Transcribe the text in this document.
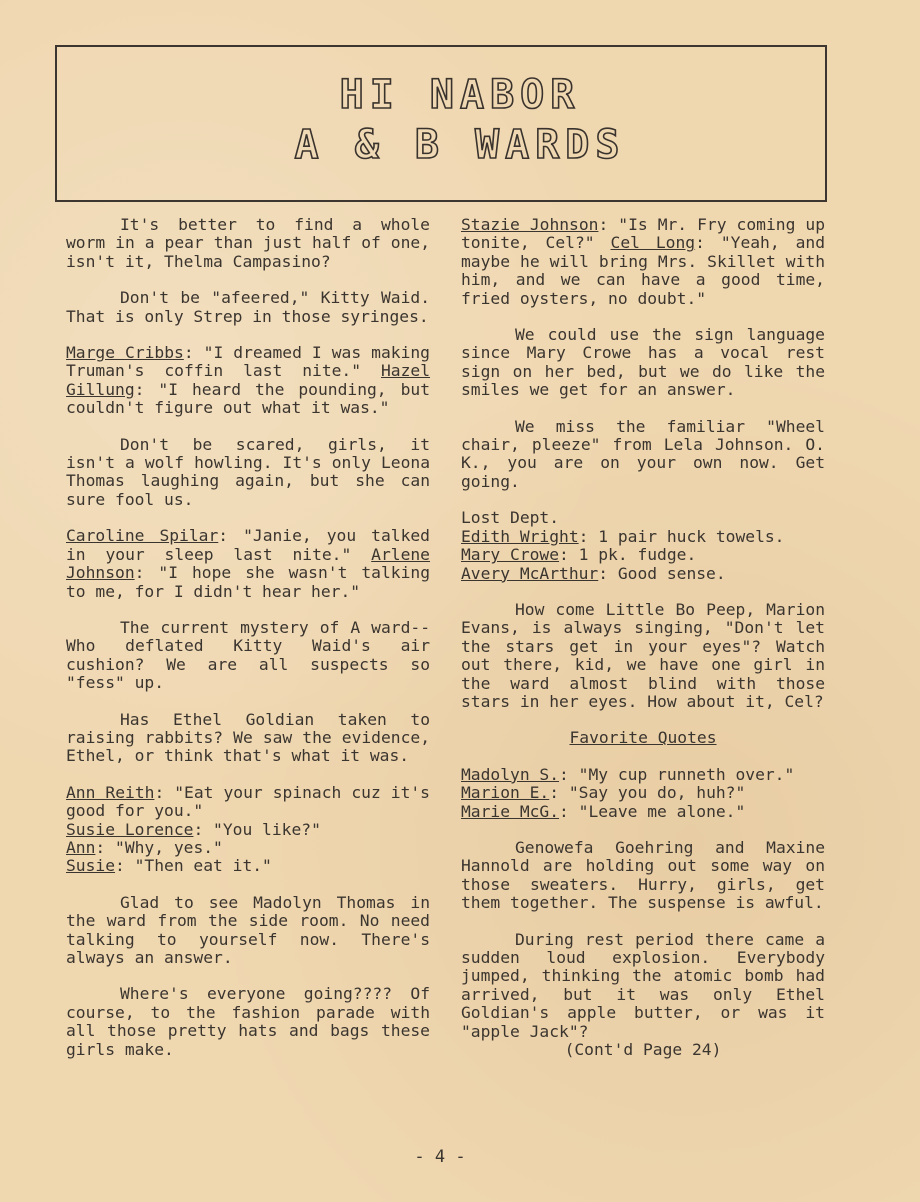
HI NABOR
A & B WARDS

It's better to find a whole worm in a pear than just half of one, isn't it, Thelma Campasino?

Don't be "afeered," Kitty Waid. That is only Strep in those syringes.

Marge Cribbs: "I dreamed I was making Truman's coffin last nite." Hazel Gillung: "I heard the pounding, but couldn't figure out what it was."

Don't be scared, girls, it isn't a wolf howling. It's only Leona Thomas laughing again, but she can sure fool us.

Caroline Spilar: "Janie, you talked in your sleep last nite." Arlene Johnson: "I hope she wasn't talking to me, for I didn't hear her."

The current mystery of A ward-- Who deflated Kitty Waid's air cushion? We are all suspects so "fess" up.

Has Ethel Goldian taken to raising rabbits? We saw the evidence, Ethel, or think that's what it was.

Ann Reith: "Eat your spinach cuz it's good for you."
Susie Lorence: "You like?"
Ann: "Why, yes."
Susie: "Then eat it."

Glad to see Madolyn Thomas in the ward from the side room. No need talking to yourself now. There's always an answer.

Where's everyone going???? Of course, to the fashion parade with all those pretty hats and bags these girls make.

Stazie Johnson: "Is Mr. Fry coming up tonite, Cel?" Cel Long: "Yeah, and maybe he will bring Mrs. Skillet with him, and we can have a good time, fried oysters, no doubt."

We could use the sign language since Mary Crowe has a vocal rest sign on her bed, but we do like the smiles we get for an answer.

We miss the familiar "Wheel chair, pleeze" from Lela Johnson. O. K., you are on your own now. Get going.

Lost Dept.
Edith Wright: 1 pair huck towels.
Mary Crowe: 1 pk. fudge.
Avery McArthur: Good sense.

How come Little Bo Peep, Marion Evans, is always singing, "Don't let the stars get in your eyes"? Watch out there, kid, we have one girl in the ward almost blind with those stars in her eyes. How about it, Cel?

Favorite Quotes

Madolyn S.: "My cup runneth over."
Marion E.: "Say you do, huh?"
Marie McG.: "Leave me alone."

Genowefa Goehring and Maxine Hannold are holding out some way on those sweaters. Hurry, girls, get them together. The suspense is awful.

During rest period there came a sudden loud explosion. Everybody jumped, thinking the atomic bomb had arrived, but it was only Ethel Goldian's apple butter, or was it "apple Jack"?

(Cont'd Page 24)

- 4 -
